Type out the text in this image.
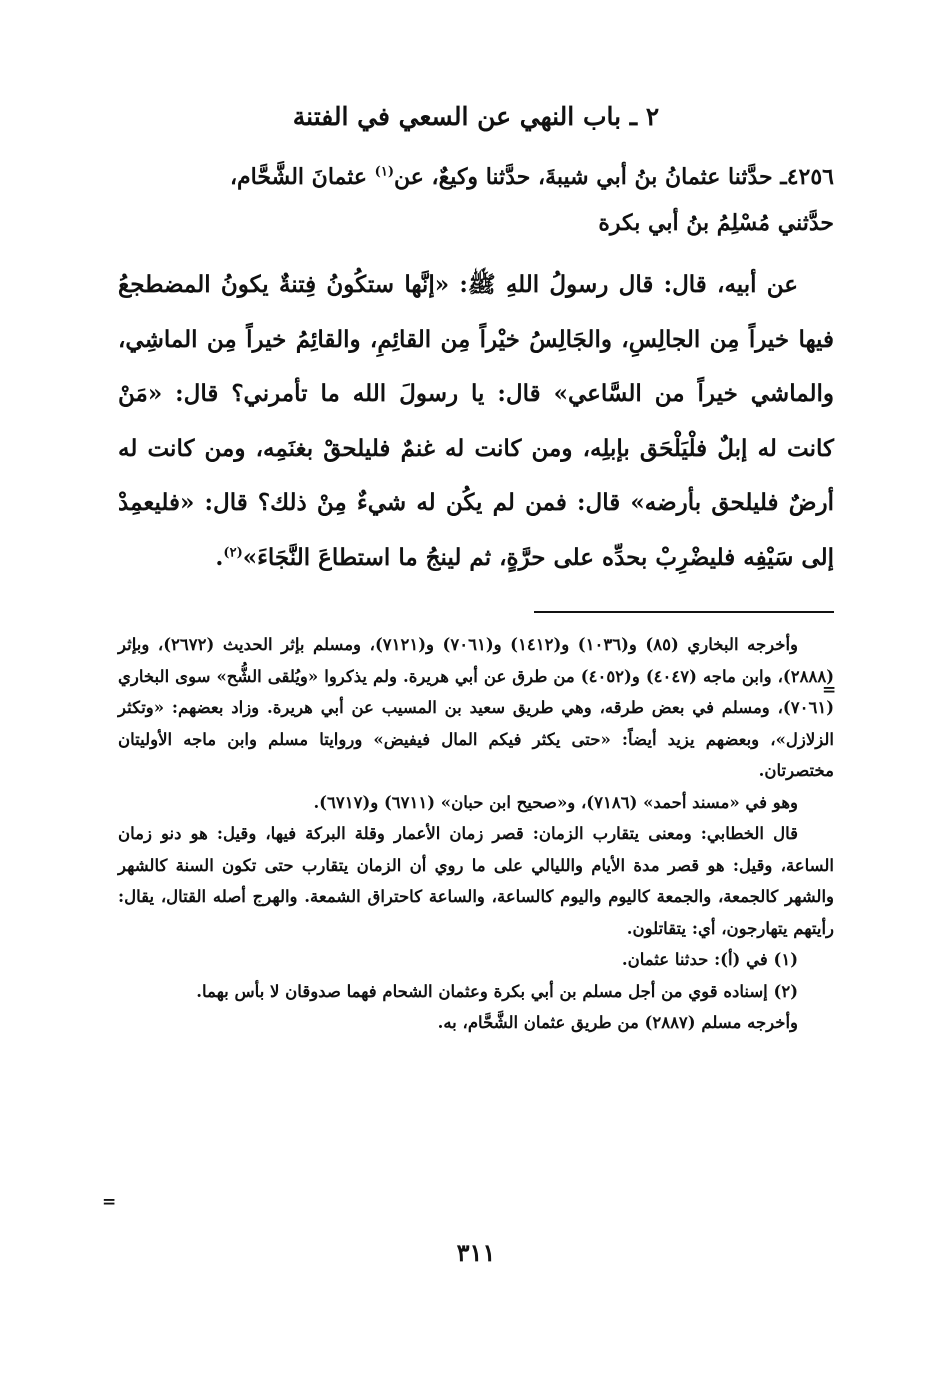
٢ ـ باب النهي عن السعي في الفتنة

٤٢٥٦ـ حدَّثنا عثمانُ بنُ أبي شيبةَ، حدَّثنا وكيعٌ، عن$^{(١)}$ عثمانَ الشَّحَّام،

حدَّثني مُسْلِمُ بنُ أبي بكرة

عن أبيه، قال: قال رسولُ اللهِ ﷺ: «إنَّها ستكُونُ فِتنةٌ يكونُ المضطجعُ فيها خيراً مِن الجالِسِ، والجَالِسُ خيْراً مِن القائِمِ، والقائِمُ خيراً مِن الماشِي، والماشي خيراً من السَّاعي» قال: يا رسولَ الله ما تأمرني؟ قال: «مَنْ كانت له إبلٌ فلْيَلْحَق بإبلِه، ومن كانت له غنمٌ فليلحقْ بغنَمِه، ومن كانت له أرضٌ فليلحق بأرضه» قال: فمن لم يكُن له شيءٌ مِنْ ذلك؟ قال: «فليعمِدْ إلى سَيْفِه فليضْرِبْ بحدِّه على حرَّةٍ، ثم لينجُ ما استطاعَ النَّجَاءَ»$^{(٢)}$.

وأخرجه البخاري (٨٥) و(١٠٣٦) و(١٤١٢) و(٧٠٦١) و(٧١٢١)، ومسلم بإثر الحديث (٢٦٧٢)، وبإثر (٢٨٨٨)، وابن ماجه (٤٠٤٧) و(٤٠٥٢) من طرق عن أبي هريرة. ولم يذكروا «ويُلقى الشُّح» سوى البخاري (٧٠٦١)، ومسلم في بعض طرقه، وهي طريق سعيد بن المسيب عن أبي هريرة. وزاد بعضهم: «وتكثر الزلازل»، وبعضهم يزيد أيضاً: «حتى يكثر فيكم المال فيفيض» وروايتا مسلم وابن ماجه الأوليتان مختصرتان.

وهو في «مسند أحمد» (٧١٨٦)، و«صحيح ابن حبان» (٦٧١١) و(٦٧١٧).

قال الخطابي: ومعنى يتقارب الزمان: قصر زمان الأعمار وقلة البركة فيها، وقيل: هو دنو زمان الساعة، وقيل: هو قصر مدة الأيام والليالي على ما روي أن الزمان يتقارب حتى تكون السنة كالشهر والشهر كالجمعة، والجمعة كاليوم واليوم كالساعة، والساعة كاحتراق الشمعة. والهرج أصله القتال، يقال: رأيتهم يتهارجون، أي: يتقاتلون.

(١) في (أ): حدثنا عثمان.

(٢) إسناده قوي من أجل مسلم بن أبي بكرة وعثمان الشحام فهما صدوقان لا بأس بهما.

وأخرجه مسلم (٢٨٨٧) من طريق عثمان الشَّحَّام، به.

٣١١
=
=
